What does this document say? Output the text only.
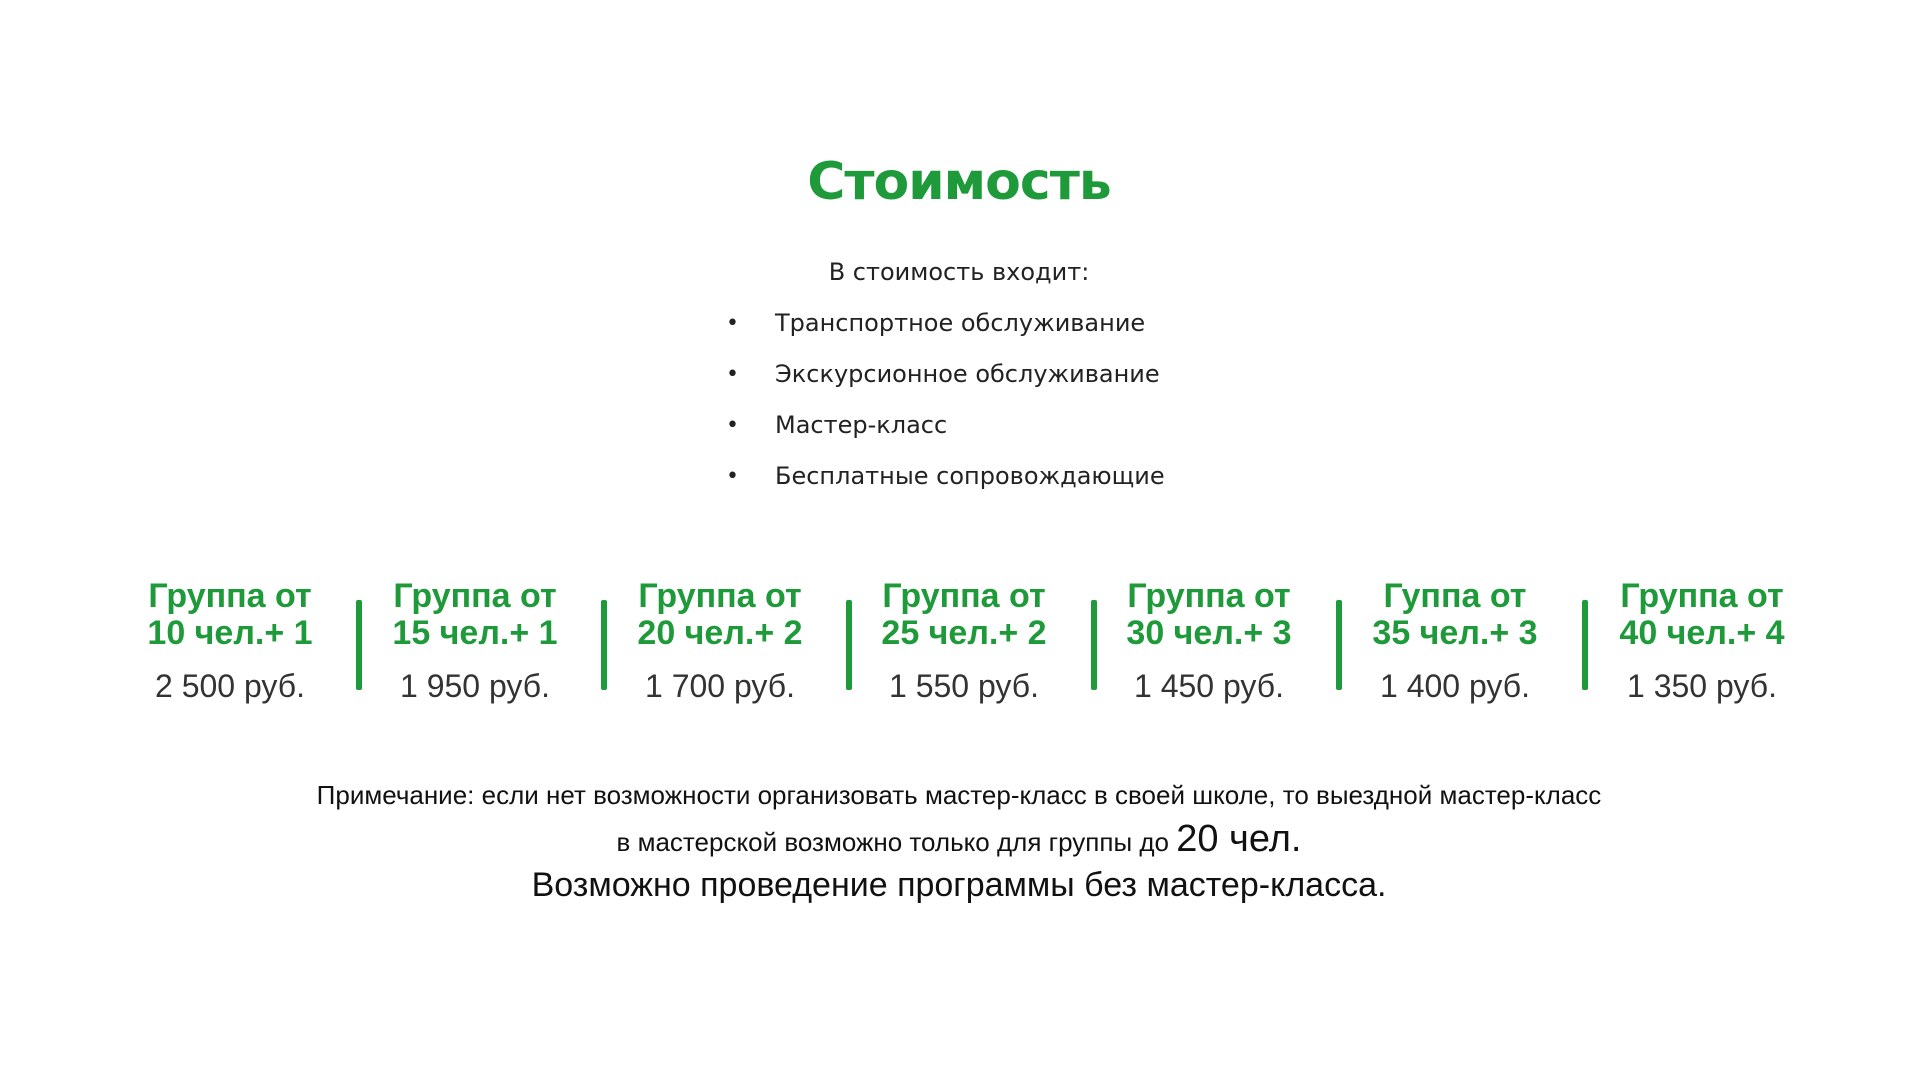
Стоимость
В стоимость входит:
• Транспортное обслуживание
• Экскурсионное обслуживание
• Мастер-класс
• Бесплатные сопровождающие
Группа от
10 чел.+ 1
2 500 руб.
Группа от
15 чел.+ 1
1 950 руб.
Группа от
20 чел.+ 2
1 700 руб.
Группа от
25 чел.+ 2
1 550 руб.
Группа от
30 чел.+ 3
1 450 руб.
Гуппа от
35 чел.+ 3
1 400 руб.
Группа от
40 чел.+ 4
1 350 руб.
Примечание: если нет возможности организовать мастер-класс в своей школе, то выездной мастер-класс
в мастерской возможно только для группы до 20 чел.
Возможно проведение программы без мастер-класса.
